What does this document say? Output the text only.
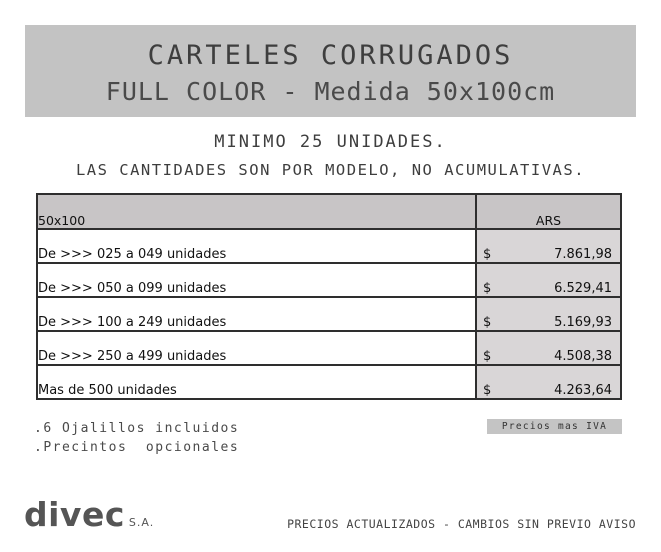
CARTELES CORRUGADOS
FULL COLOR - Medida 50x100cm
MINIMO 25 UNIDADES.
LAS CANTIDADES SON POR MODELO, NO ACUMULATIVAS.
50x100	ARS
De >>> 025 a 049 unidades	$ 7.861,98

De >>> 050 a 099 unidades	$ 6.529,41

De >>> 100 a 249 unidades	$ 5.169,93

De >>> 250 a 499 unidades	$ 4.508,38

Mas de 500 unidades	$ 4.263,64
.6 Ojalillos incluidos
.Precintos  opcionales
Precios mas IVA
divec S.A.	PRECIOS ACTUALIZADOS - CAMBIOS SIN PREVIO AVISO
